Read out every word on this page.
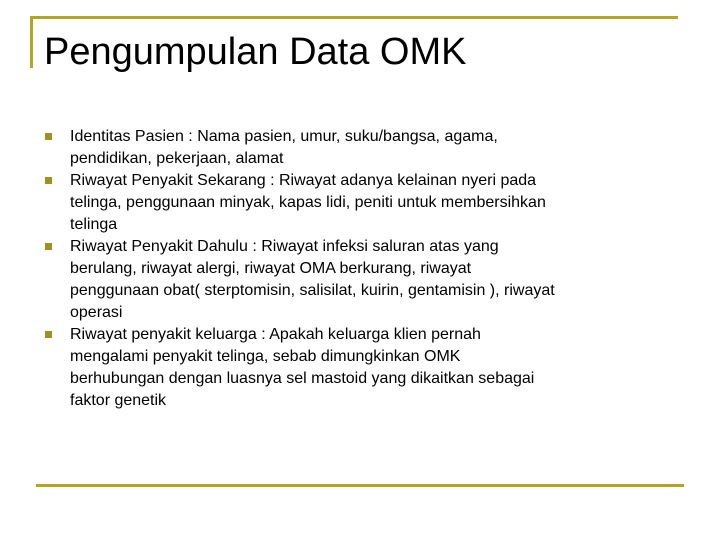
Pengumpulan Data OMK
Identitas Pasien : Nama pasien, umur, suku/bangsa, agama,
pendidikan, pekerjaan, alamat
Riwayat Penyakit Sekarang : Riwayat adanya kelainan nyeri pada
telinga, penggunaan minyak, kapas lidi, peniti untuk membersihkan
telinga
Riwayat Penyakit Dahulu : Riwayat infeksi saluran atas yang
berulang, riwayat alergi, riwayat OMA berkurang, riwayat
penggunaan obat( sterptomisin, salisilat, kuirin, gentamisin ), riwayat
operasi
Riwayat penyakit keluarga : Apakah keluarga klien pernah
mengalami penyakit telinga, sebab dimungkinkan OMK
berhubungan dengan luasnya sel mastoid yang dikaitkan sebagai
faktor genetik
